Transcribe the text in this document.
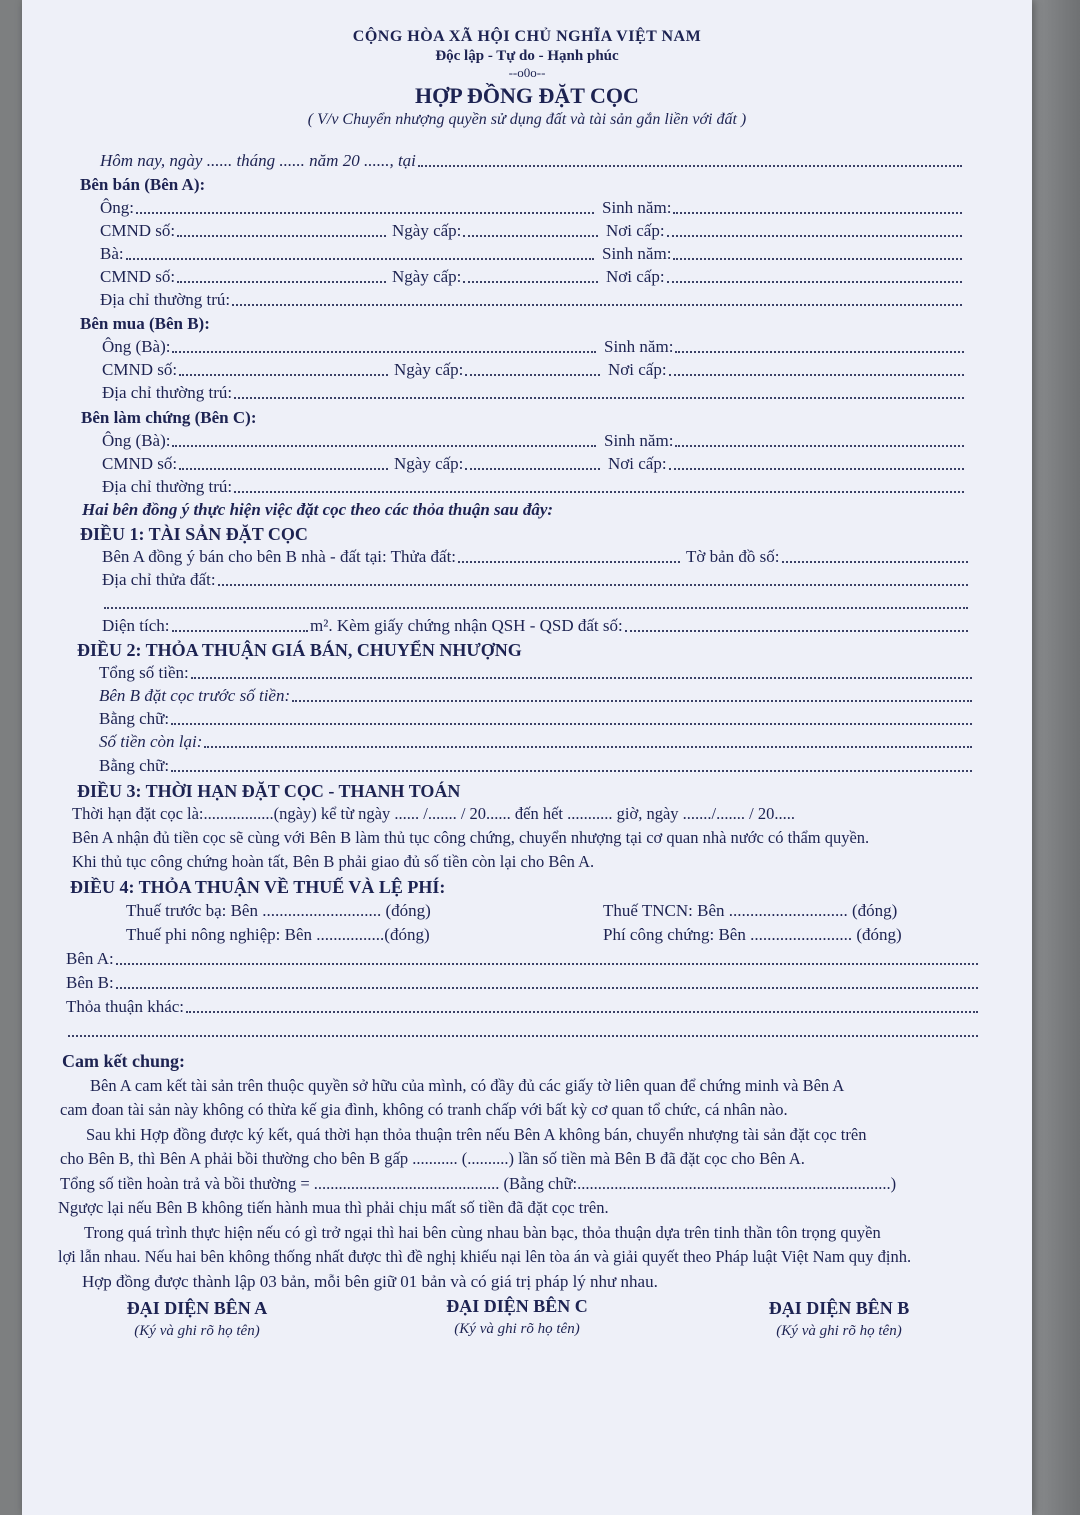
CỘNG HÒA XÃ HỘI CHỦ NGHĨA VIỆT NAM
Độc lập - Tự do - Hạnh phúc
--o0o--
HỢP ĐỒNG ĐẶT CỌC
( V/v Chuyển nhượng quyền sử dụng đất và tài sản gắn liền với đất )
Hôm nay, ngày ...... tháng ...... năm 20 ......, tại
Bên bán (Bên A):
Ông:	Sinh năm:
CMND số:	Ngày cấp:	Nơi cấp:
Bà:	Sinh năm:
CMND số:	Ngày cấp:	Nơi cấp:
Địa chỉ thường trú:
Bên mua (Bên B):
Ông (Bà):	Sinh năm:
CMND số:	Ngày cấp:	Nơi cấp:
Địa chỉ thường trú:
Bên làm chứng (Bên C):
Ông (Bà):	Sinh năm:
CMND số:	Ngày cấp:	Nơi cấp:
Địa chỉ thường trú:
Hai bên đồng ý thực hiện việc đặt cọc theo các thỏa thuận sau đây:
ĐIỀU 1: TÀI SẢN ĐẶT CỌC
Bên A đồng ý bán cho bên B nhà - đất tại: Thửa đất:	Tờ bản đồ số:
Địa chỉ thửa đất:
Diện tích:	m². Kèm giấy chứng nhận QSH - QSD đất số:
ĐIỀU 2: THỎA THUẬN GIÁ BÁN, CHUYỂN NHƯỢNG
Tổng số tiền:
Bên B đặt cọc trước số tiền:
Bằng chữ:
Số tiền còn lại:
Bằng chữ:
ĐIỀU 3: THỜI HẠN ĐẶT CỌC - THANH TOÁN
Thời hạn đặt cọc là:.................(ngày) kể từ ngày ...... /....... / 20...... đến hết ........... giờ, ngày ......./....... / 20.....
Bên A nhận đủ tiền cọc sẽ cùng với Bên B làm thủ tục công chứng, chuyển nhượng tại cơ quan nhà nước có thẩm quyền.
Khi thủ tục công chứng hoàn tất, Bên B phải giao đủ số tiền còn lại cho Bên A.
ĐIỀU 4: THỎA THUẬN VỀ THUẾ VÀ LỆ PHÍ:
Thuế trước bạ: Bên ............................ (đóng)	Thuế TNCN: Bên ............................ (đóng)
Thuế phi nông nghiệp: Bên ................(đóng)	Phí công chứng: Bên ........................ (đóng)
Bên A:
Bên B:
Thỏa thuận khác:
Cam kết chung:
Bên A cam kết tài sản trên thuộc quyền sở hữu của mình, có đầy đủ các giấy tờ liên quan để chứng minh và Bên A
cam đoan tài sản này không có thừa kế gia đình, không có tranh chấp với bất kỳ cơ quan tổ chức, cá nhân nào.
Sau khi Hợp đồng được ký kết, quá thời hạn thỏa thuận trên nếu Bên A không bán, chuyển nhượng tài sản đặt cọc trên
cho Bên B, thì Bên A phải bồi thường cho bên B gấp ........... (..........) lần số tiền mà Bên B đã đặt cọc cho Bên A.
Tổng số tiền hoàn trả và bồi thường = ............................................. (Bằng chữ:............................................................................)
Ngược lại nếu Bên B không tiến hành mua thì phải chịu mất số tiền đã đặt cọc trên.
Trong quá trình thực hiện nếu có gì trở ngại thì hai bên cùng nhau bàn bạc, thỏa thuận dựa trên tinh thần tôn trọng quyền
lợi lẫn nhau. Nếu hai bên không thống nhất được thì đề nghị khiếu nại lên tòa án và giải quyết theo Pháp luật Việt Nam quy định.
Hợp đồng được thành lập 03 bản, mỗi bên giữ 01 bản và có giá trị pháp lý như nhau.
ĐẠI DIỆN BÊN A
(Ký và ghi rõ họ tên)
ĐẠI DIỆN BÊN C
(Ký và ghi rõ họ tên)
ĐẠI DIỆN BÊN B
(Ký và ghi rõ họ tên)
